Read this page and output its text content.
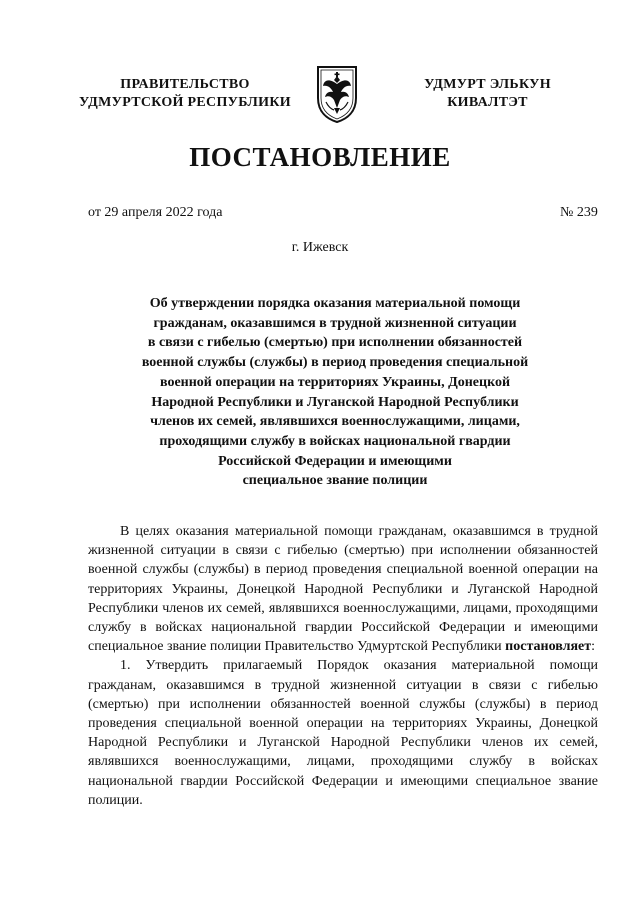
ПРАВИТЕЛЬСТВО
УДМУРТСКОЙ РЕСПУБЛИКИ
УДМУРТ ЭЛЬКУН
КИВАЛТЭТ
ПОСТАНОВЛЕНИЕ
от 29 апреля 2022 года	№ 239
г. Ижевск
Об утверждении порядка оказания материальной помощи
гражданам, оказавшимся в трудной жизненной ситуации
в связи с гибелью (смертью) при исполнении обязанностей
военной службы (службы) в период проведения специальной
военной операции на территориях Украины, Донецкой
Народной Республики и Луганской Народной Республики
членов их семей, являвшихся военнослужащими, лицами,
проходящими службу в войсках национальной гвардии
Российской Федерации и имеющими
специальное звание полиции

В целях оказания материальной помощи гражданам, оказавшимся в трудной жизненной ситуации в связи с гибелью (смертью) при исполнении обязанностей военной службы (службы) в период проведения специальной военной операции на территориях Украины, Донецкой Народной Республики и Луганской Народной Республики членов их семей, являвшихся военнослужащими, лицами, проходящими службу в войсках национальной гвардии Российской Федерации и имеющими специальное звание полиции Правительство Удмуртской Республики постановляет:

1. Утвердить прилагаемый Порядок оказания материальной помощи гражданам, оказавшимся в трудной жизненной ситуации в связи с гибелью (смертью) при исполнении обязанностей военной службы (службы) в период проведения специальной военной операции на территориях Украины, Донецкой Народной Республики и Луганской Народной Республики членов их семей, являвшихся военнослужащими, лицами, проходящими службу в войсках национальной гвардии Российской Федерации и имеющими специальное звание полиции.
